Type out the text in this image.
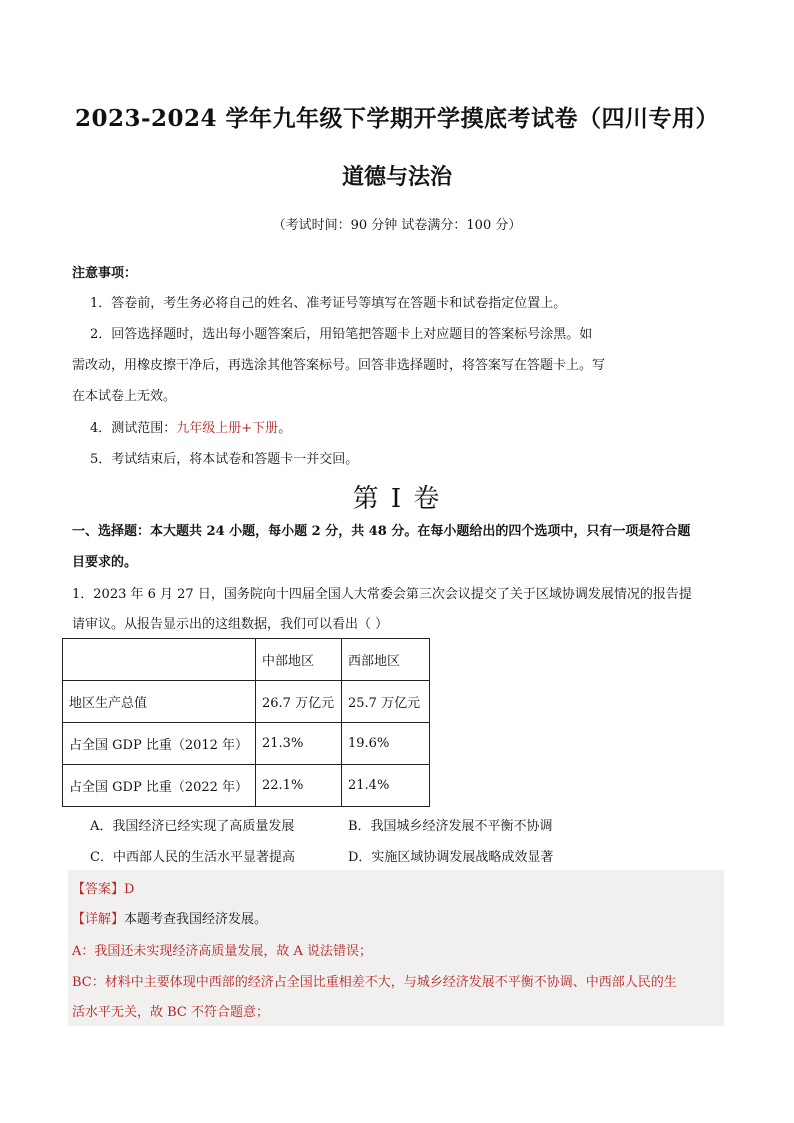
2023-2024 学年九年级下学期开学摸底考试卷（四川专用）
道德与法治
（考试时间：90 分钟 试卷满分：100 分）
注意事项：
1．答卷前，考生务必将自己的姓名、准考证号等填写在答题卡和试卷指定位置上。
2．回答选择题时，选出每小题答案后，用铅笔把答题卡上对应题目的答案标号涂黑。如
需改动，用橡皮擦干净后，再选涂其他答案标号。回答非选择题时，将答案写在答题卡上。写
在本试卷上无效。
4．测试范围：九年级上册+下册。
5．考试结束后，将本试卷和答题卡一并交回。
第 I 卷
一、选择题：本大题共 24 小题，每小题 2 分，共 48 分。在每小题给出的四个选项中，只有一项是符合题
目要求的。
1．2023 年 6 月 27 日，国务院向十四届全国人大常委会第三次会议提交了关于区域协调发展情况的报告提
请审议。从报告显示出的这组数据，我们可以看出（ ）
	中部地区	西部地区
地区生产总值	26.7 万亿元	25.7 万亿元
占全国 GDP 比重（2012 年）	21.3%	19.6%
占全国 GDP 比重（2022 年）	22.1%	21.4%
A．我国经济已经实现了高质量发展	B．我国城乡经济发展不平衡不协调
C．中西部人民的生活水平显著提高	D．实施区域协调发展战略成效显著
【答案】D
【详解】本题考查我国经济发展。
A：我国还未实现经济高质量发展，故 A 说法错误；
BC：材料中主要体现中西部的经济占全国比重相差不大，与城乡经济发展不平衡不协调、中西部人民的生
活水平无关，故 BC 不符合题意；
